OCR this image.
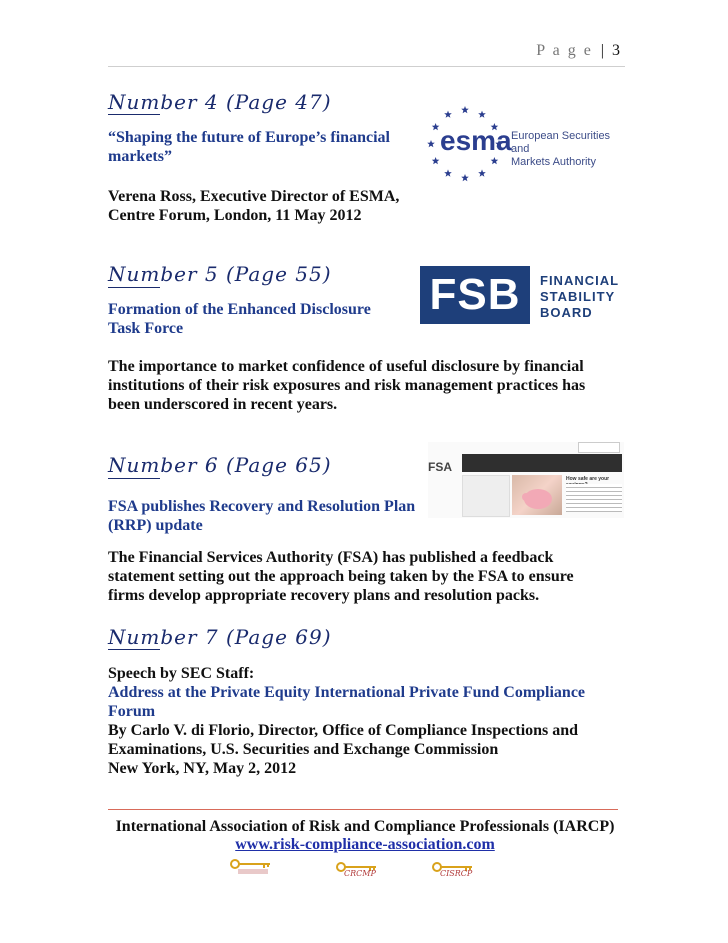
P a g e | 3
Number 4 (Page 47)

“Shaping the future of Europe’s financial

markets”

Verena Ross, Executive Director of ESMA,

Centre Forum, London, 11 May 2012

esma European Securities and
Markets Authority
Number 5 (Page 55)

Formation of the Enhanced Disclosure

Task Force

The importance to market confidence of useful disclosure by financial

institutions of their risk exposures and risk management practices has

been underscored in recent years.

FSB	FINANCIAL
STABILITY
BOARD
Number 6 (Page 65)

FSA publishes Recovery and Resolution Plan

(RRP) update

The Financial Services Authority (FSA) has published a feedback

statement setting out the approach being taken by the FSA to ensure

firms develop appropriate recovery plans and resolution packs.

FSA
How safe are your
Number 7 (Page 69)
Speech by SEC Staff:

Address at the Private Equity International Private Fund Compliance

Forum

By Carlo V. di Florio, Director, Office of Compliance Inspections and

Examinations, U.S. Securities and Exchange Commission

New York, NY, May 2, 2012

International Association of Risk and Compliance Professionals (IARCP)
www.risk-compliance-association.com
CRCMP	CISRCP
